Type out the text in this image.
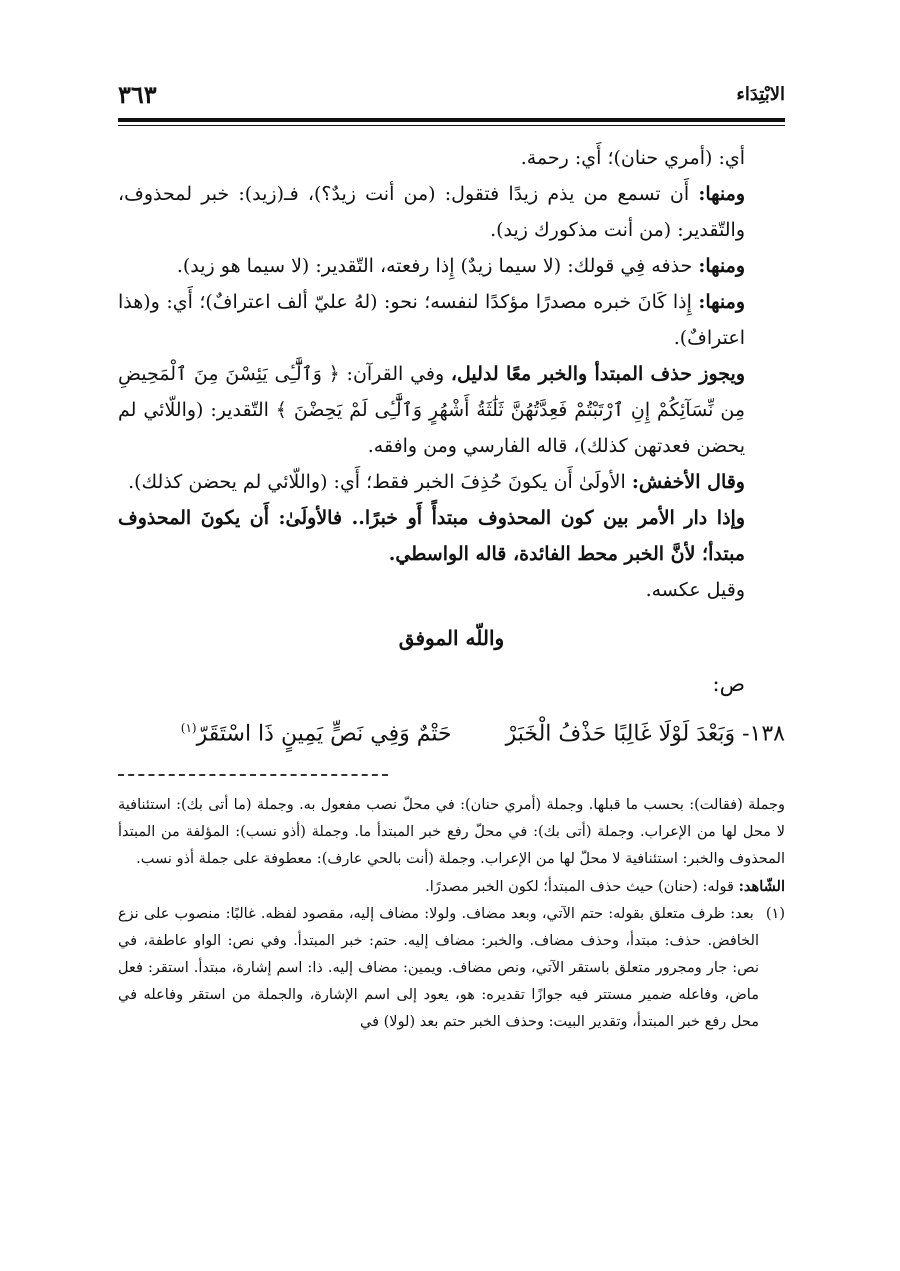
الابْتِدَاء
٣٦٣

أي: (أمري حنان)؛ أَي: رحمة.

ومنها: أَن تسمع من يذم زيدًا فتقول: (من أنت زيدٌ؟)، فـ(زيد): خبر لمحذوف، والتّقدير: (من أنت مذكورك زيد).

ومنها: حذفه فِي قولك: (لا سيما زيدٌ) إِذا رفعته، التّقدير: (لا سيما هو زيد).

ومنها: إِذا كَانَ خبره مصدرًا مؤكدًا لنفسه؛ نحو: (لهُ عليّ ألف اعترافٌ)؛ أَي: و(هذا اعترافٌ).

ويجوز حذف المبتدأ والخبر معًا لدليل، وفي القرآن: ﴿ وَٱلَّٰٓـِٔى يَئِسْنَ مِنَ ٱلْمَحِيضِ مِن نِّسَآئِكُمْ إِنِ ٱرْتَبْتُمْ فَعِدَّتُهُنَّ ثَلَٰثَةُ أَشْهُرٍ وَٱلَّٰٓـِٔى لَمْ يَحِضْنَ ﴾ التّقدير: (واللّائي لم يحضن فعدتهن كذلك)، قاله الفارسي ومن وافقه.

وقال الأخفش: الأولَىٰ أَن يكونَ حُذِفَ الخبر فقط؛ أَي: (واللّائي لم يحضن كذلك).

وإذا دار الأمر بين كون المحذوف مبتدأً أَو خبرًا.. فالأولَىٰ: أَن يكونَ المحذوف مبتدأ؛ لأنَّ الخبر محط الفائدة، قاله الواسطي.

وقيل عكسه.

واللّه الموفق
ص:
١٣٨- وَبَعْدَ لَوْلَا غَالِبًا حَذْفُ الْخَبَرْ  حَتْمٌ وَفِي نَصٍّ يَمِينٍ ذَا اسْتَقَرّ$^{(١)}$

وجملة (فقالت): بحسب ما قبلها. وجملة (أمري حنان): في محلّ نصب مفعول به. وجملة (ما أتى بك): استئنافية لا محل لها من الإعراب. وجملة (أتى بك): في محلّ رفع خبر المبتدأ ما. وجملة (أذو نسب): المؤلفة من المبتدأ المحذوف والخبر: استئنافية لا محلّ لها من الإعراب. وجملة (أنت بالحي عارف): معطوفة على جملة أذو نسب.

الشّاهد: قوله: (حنان) حيث حذف المبتدأ؛ لكون الخبر مصدرًا.

(١) بعد: ظرف متعلق بقوله: حتم الآتي، وبعد مضاف. ولولا: مضاف إليه، مقصود لفظه. غالبًا: منصوب على نزع الخافض. حذف: مبتدأ، وحذف مضاف. والخبر: مضاف إليه. حتم: خبر المبتدأ. وفي نص: الواو عاطفة، في نص: جار ومجرور متعلق باستقر الآتي، ونص مضاف. ويمين: مضاف إليه. ذا: اسم إشارة، مبتدأ. استقر: فعل ماض، وفاعله ضمير مستتر فيه جوازًا تقديره: هو، يعود إلى اسم الإشارة، والجملة من استقر وفاعله في محل رفع خبر المبتدأ، وتقدير البيت: وحذف الخبر حتم بعد (لولا) في
